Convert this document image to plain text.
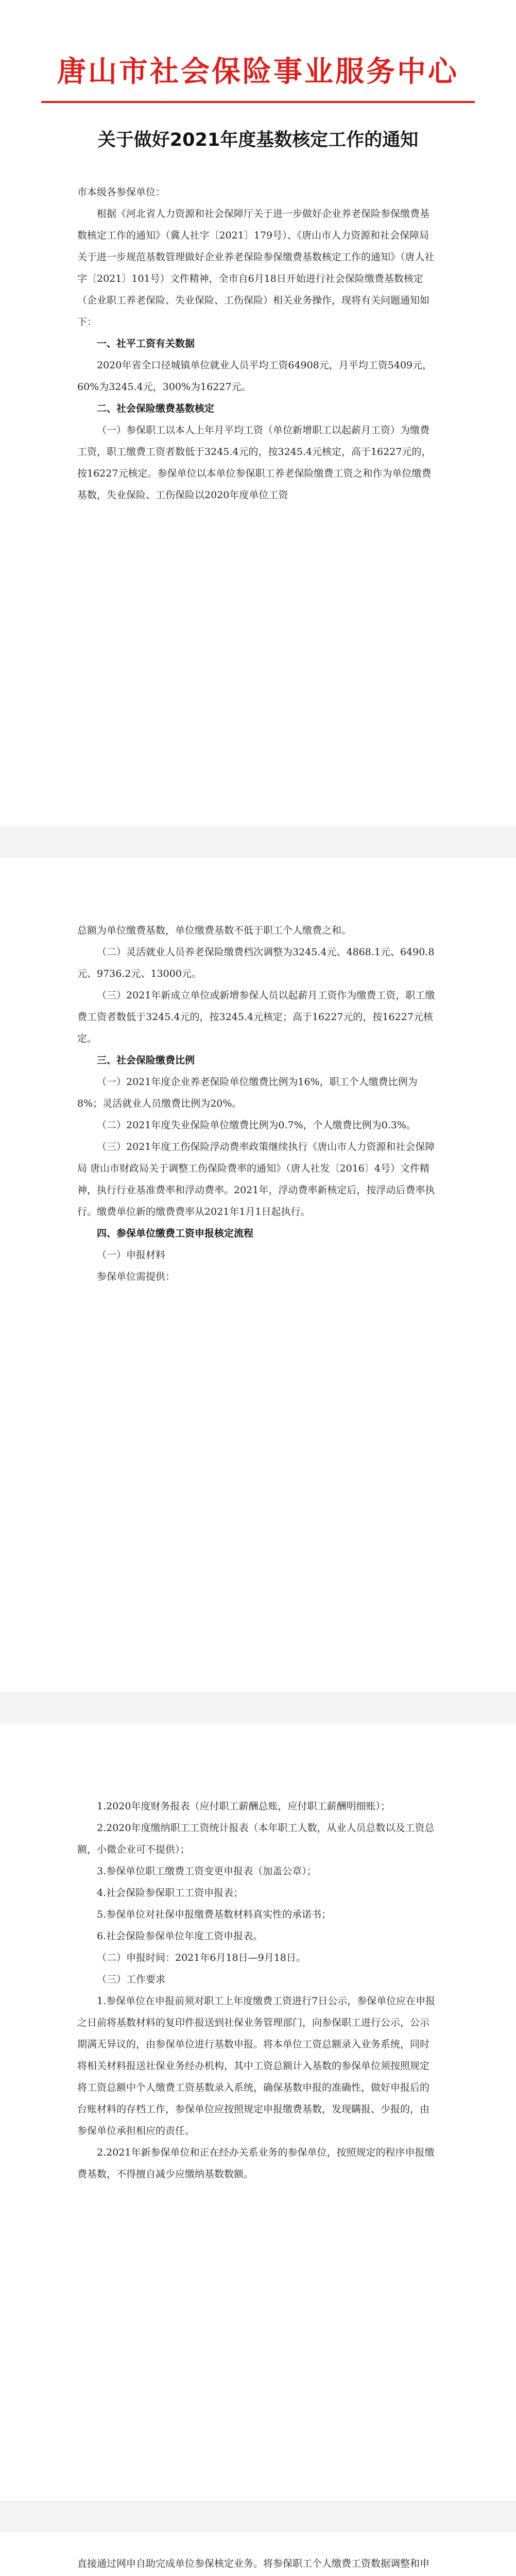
唐山市社会保险事业服务中心
关于做好2021年度基数核定工作的通知

市本级各参保单位：

根据《河北省人力资源和社会保障厅关于进一步做好企业养老保险参保缴费基数核定工作的通知》（冀人社字〔2021〕179号）、《唐山市人力资源和社会保障局关于进一步规范基数管理做好企业养老保险参保缴费基数核定工作的通知》（唐人社字〔2021〕101号）文件精神，全市自6月18日开始进行社会保险缴费基数核定（企业职工养老保险、失业保险、工伤保险）相关业务操作，现将有关问题通知如下：

一、社平工资有关数据

2020年省全口径城镇单位就业人员平均工资64908元，月平均工资5409元，60%为3245.4元，300%为16227元。

二、社会保险缴费基数核定

（一）参保职工以本人上年月平均工资（单位新增职工以起薪月工资）为缴费工资，职工缴费工资者数低于3245.4元的，按3245.4元核定，高于16227元的，按16227元核定。参保单位以本单位参保职工养老保险缴费工资之和作为单位缴费基数，失业保险、工伤保险以2020年度单位工资

总额为单位缴费基数，单位缴费基数不低于职工个人缴费之和。

（二）灵活就业人员养老保险缴费档次调整为3245.4元、4868.1元、6490.8元、9736.2元、13000元。

（三）2021年新成立单位或新增参保人员以起薪月工资作为缴费工资，职工缴费工资者数低于3245.4元的，按3245.4元核定；高于16227元的，按16227元核定。

三、社会保险缴费比例

（一）2021年度企业养老保险单位缴费比例为16%，职工个人缴费比例为8%；灵活就业人员缴费比例为20%。

（二）2021年度失业保险单位缴费比例为0.7%，个人缴费比例为0.3%。

（三）2021年度工伤保险浮动费率政策继续执行《唐山市人力资源和社会保障局 唐山市财政局关于调整工伤保险费率的通知》（唐人社发〔2016〕4号）文件精神，执行行业基准费率和浮动费率。2021年，浮动费率新核定后，按浮动后费率执行。缴费单位新的缴费费率从2021年1月1日起执行。

四、参保单位缴费工资申报核定流程

（一）申报材料

参保单位需提供：

1.2020年度财务报表（应付职工薪酬总账，应付职工薪酬明细账）；

2.2020年度缴纳职工工资统计报表（本年职工人数，从业人员总数以及工资总额，小微企业可不提供）；

3.参保单位职工缴费工资变更申报表（加盖公章）；

4.社会保险参保职工工资申报表；

5.参保单位对社保申报缴费基数材料真实性的承诺书；

6.社会保险参保单位年度工资申报表。

（二）申报时间：2021年6月18日—9月18日。

（三）工作要求

1.参保单位在申报前须对职工上年度缴费工资进行7日公示，参保单位应在申报之日前将基数材料的复印件报送到社保业务管理部门，向参保职工进行公示，公示期满无异议的，由参保单位进行基数申报。将本单位工资总额录入业务系统，同时将相关材料报送社保业务经办机构，其中工资总额计入基数的参保单位须按照规定将工资总额中个人缴费工资基数录入系统，确保基数申报的准确性，做好申报后的台账材料的存档工作，参保单位应按照规定申报缴费基数，发现瞒报、少报的，由参保单位承担相应的责任。

2.2021年新参保单位和正在经办关系业务的参保单位，按照规定的程序申报缴费基数，不得擅自减少应缴纳基数数额。

直接通过网申自助完成单位参保核定业务。将参保职工个人缴费工资数据调整和申
